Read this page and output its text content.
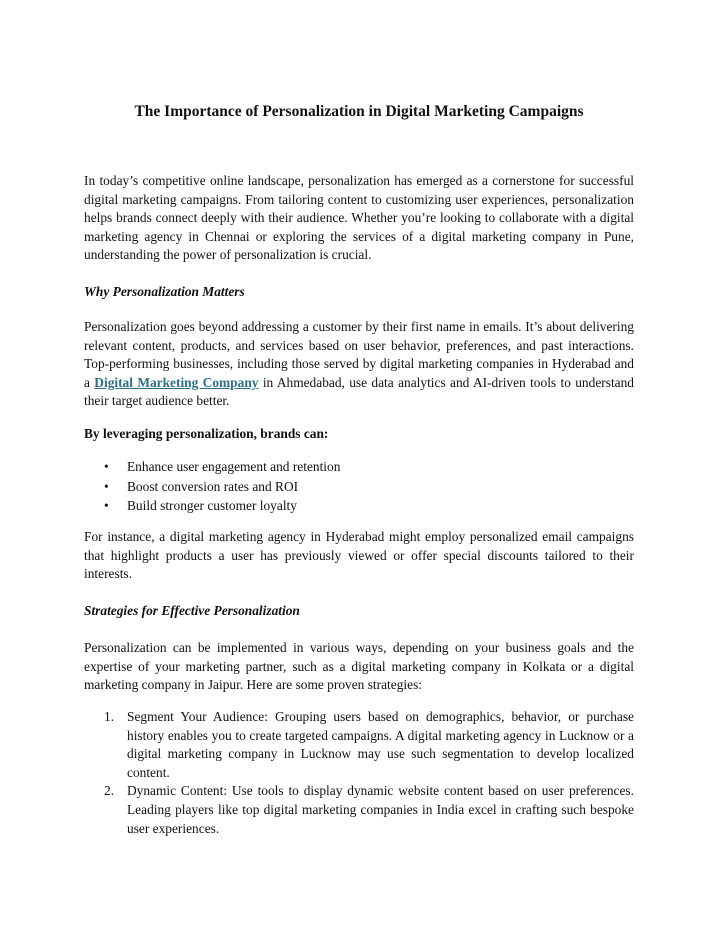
The Importance of Personalization in Digital Marketing Campaigns

In today’s competitive online landscape, personalization has emerged as a cornerstone for successful digital marketing campaigns. From tailoring content to customizing user experiences, personalization helps brands connect deeply with their audience. Whether you’re looking to collaborate with a digital marketing agency in Chennai or exploring the services of a digital marketing company in Pune, understanding the power of personalization is crucial.

Why Personalization Matters

Personalization goes beyond addressing a customer by their first name in emails. It’s about delivering relevant content, products, and services based on user behavior, preferences, and past interactions. Top-performing businesses, including those served by digital marketing companies in Hyderabad and a Digital Marketing Company in Ahmedabad, use data analytics and AI-driven tools to understand their target audience better.

By leveraging personalization, brands can:

• Enhance user engagement and retention
• Boost conversion rates and ROI
• Build stronger customer loyalty

For instance, a digital marketing agency in Hyderabad might employ personalized email campaigns that highlight products a user has previously viewed or offer special discounts tailored to their interests.

Strategies for Effective Personalization

Personalization can be implemented in various ways, depending on your business goals and the expertise of your marketing partner, such as a digital marketing company in Kolkata or a digital marketing company in Jaipur. Here are some proven strategies:

1. Segment Your Audience: Grouping users based on demographics, behavior, or purchase history enables you to create targeted campaigns. A digital marketing agency in Lucknow or a digital marketing company in Lucknow may use such segmentation to develop localized content.
2. Dynamic Content: Use tools to display dynamic website content based on user preferences. Leading players like top digital marketing companies in India excel in crafting such bespoke user experiences.
